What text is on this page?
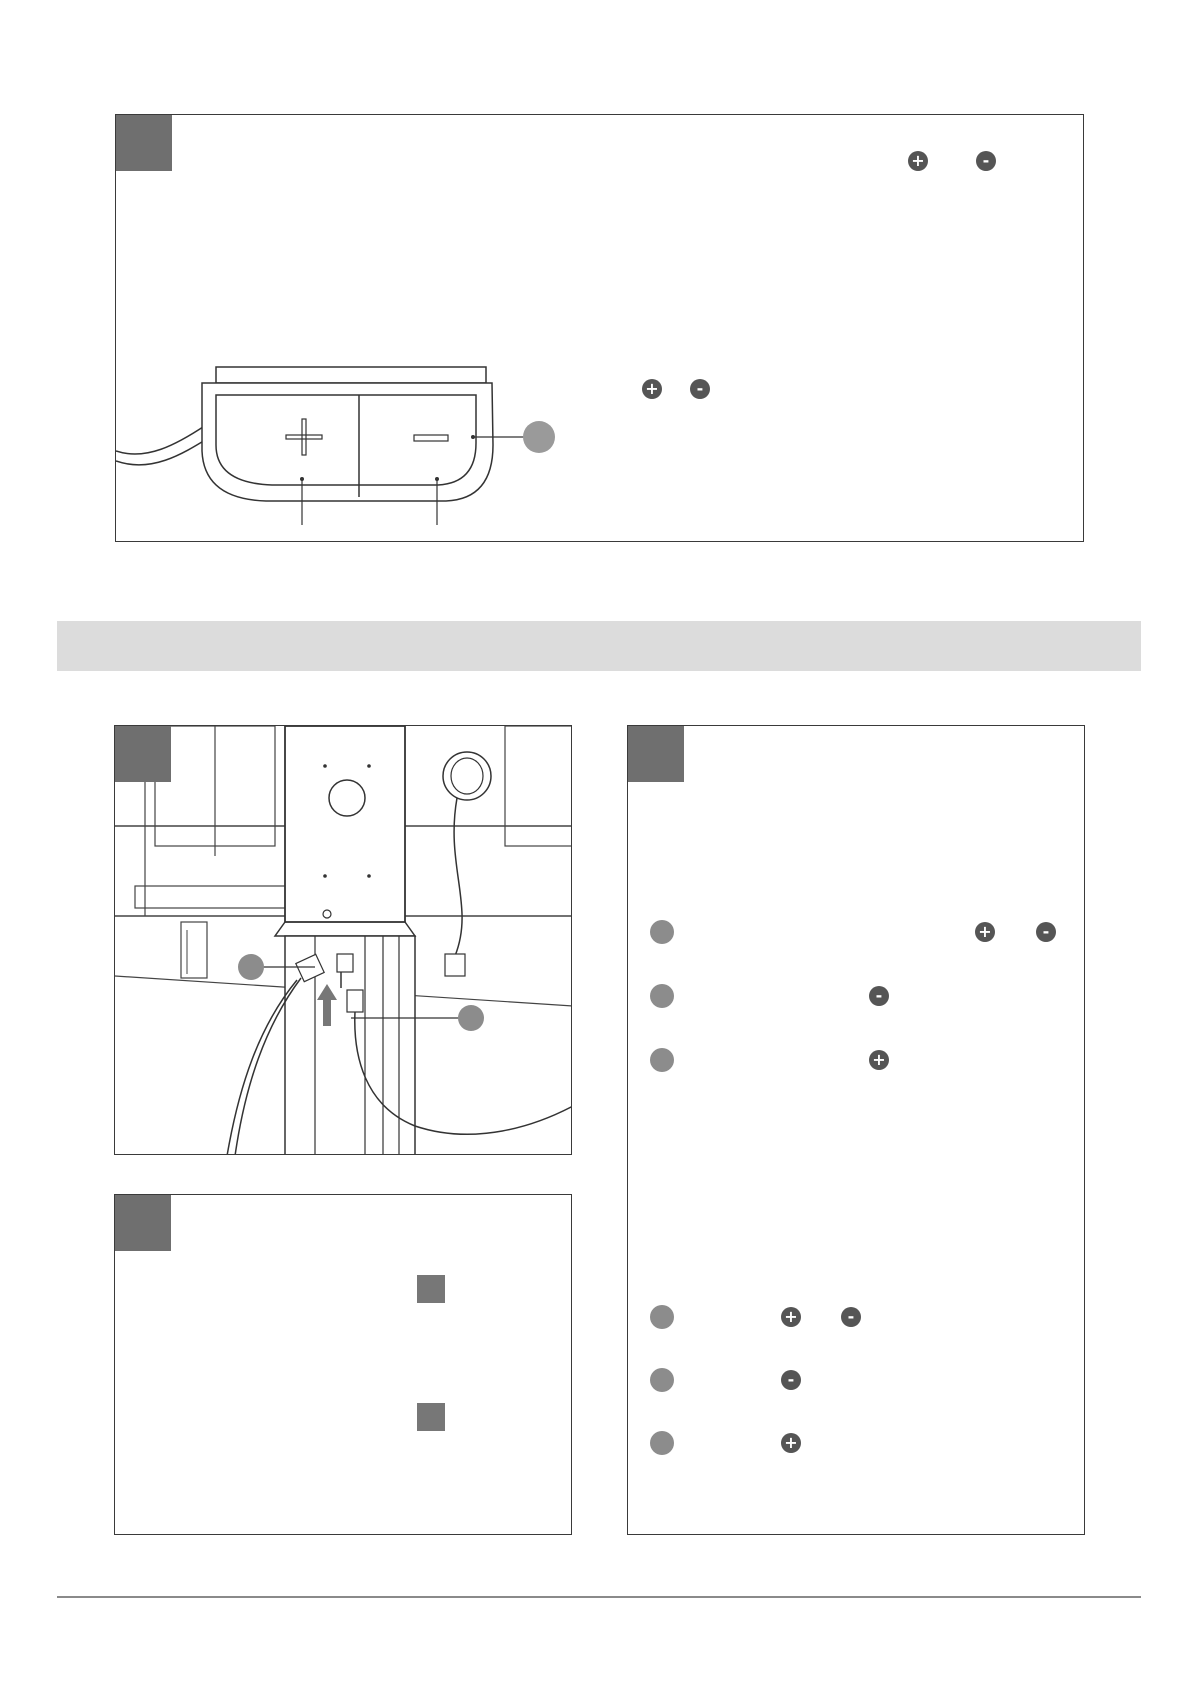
+	-
+	-
+	-
-
+
+	-
-
+
